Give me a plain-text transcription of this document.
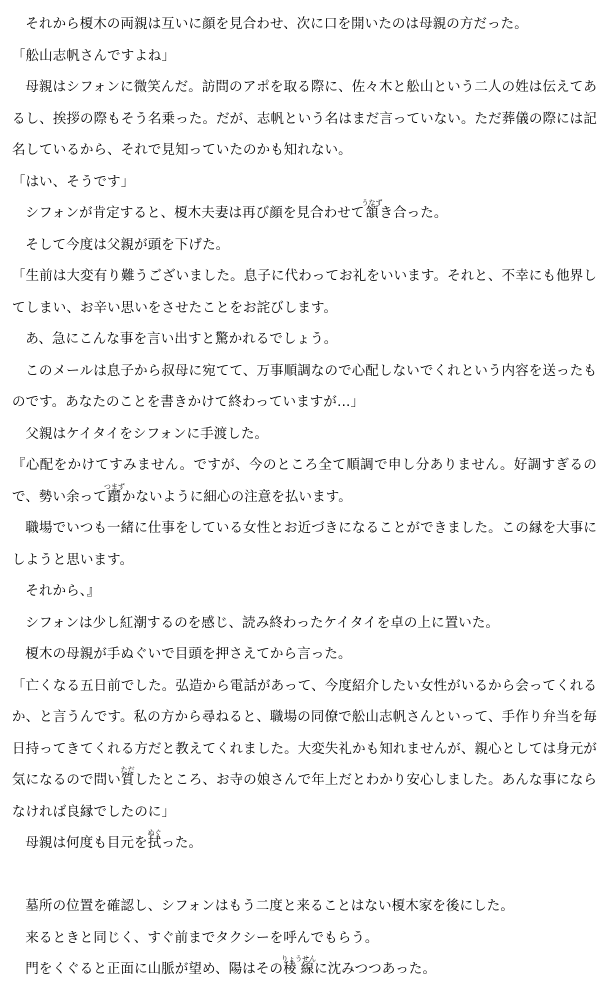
それから榎木の両親は互いに顔を見合わせ、次に口を開いたのは母親の方だった。

「舩山志帆さんですよね」

母親はシフォンに微笑んだ。訪問のアポを取る際に、佐々木と舩山という二人の姓は伝えてあるし、挨拶の際もそう名乗った。だが、志帆という名はまだ言っていない。ただ葬儀の際には記名しているから、それで見知っていたのかも知れない。

「はい、そうです」

シフォンが肯定すると、榎木夫妻は再び顔を見合わせて頷うなずき合った。

そして今度は父親が頭を下げた。

「生前は大変有り難うございました。息子に代わってお礼をいいます。それと、不幸にも他界してしまい、お辛い思いをさせたことをお詫びします。

あ、急にこんな事を言い出すと驚かれるでしょう。

このメールは息子から叔母に宛てて、万事順調なので心配しないでくれという内容を送ったものです。あなたのことを書きかけて終わっていますが…」

父親はケイタイをシフォンに手渡した。

『心配をかけてすみません。ですが、今のところ全て順調で申し分ありません。好調すぎるので、勢い余って躓つまずかないように細心の注意を払います。

職場でいつも一緒に仕事をしている女性とお近づきになることができました。この縁を大事にしようと思います。

それから、』

シフォンは少し紅潮するのを感じ、読み終わったケイタイを卓の上に置いた。

榎木の母親が手ぬぐいで目頭を押さえてから言った。

「亡くなる五日前でした。弘造から電話があって、今度紹介したい女性がいるから会ってくれるか、と言うんです。私の方から尋ねると、職場の同僚で舩山志帆さんといって、手作り弁当を毎日持ってきてくれる方だと教えてくれました。大変失礼かも知れませんが、親心としては身元が気になるので問い質ただしたところ、お寺の娘さんで年上だとわかり安心しました。あんな事にならなければ良縁でしたのに」

母親は何度も目元を拭ぬぐった。

墓所の位置を確認し、シフォンはもう二度と来ることはない榎木家を後にした。

来るときと同じく、すぐ前までタクシーを呼んでもらう。

門をくぐると正面に山脈が望め、陽はその稜線りょうせんに沈みつつあった。
